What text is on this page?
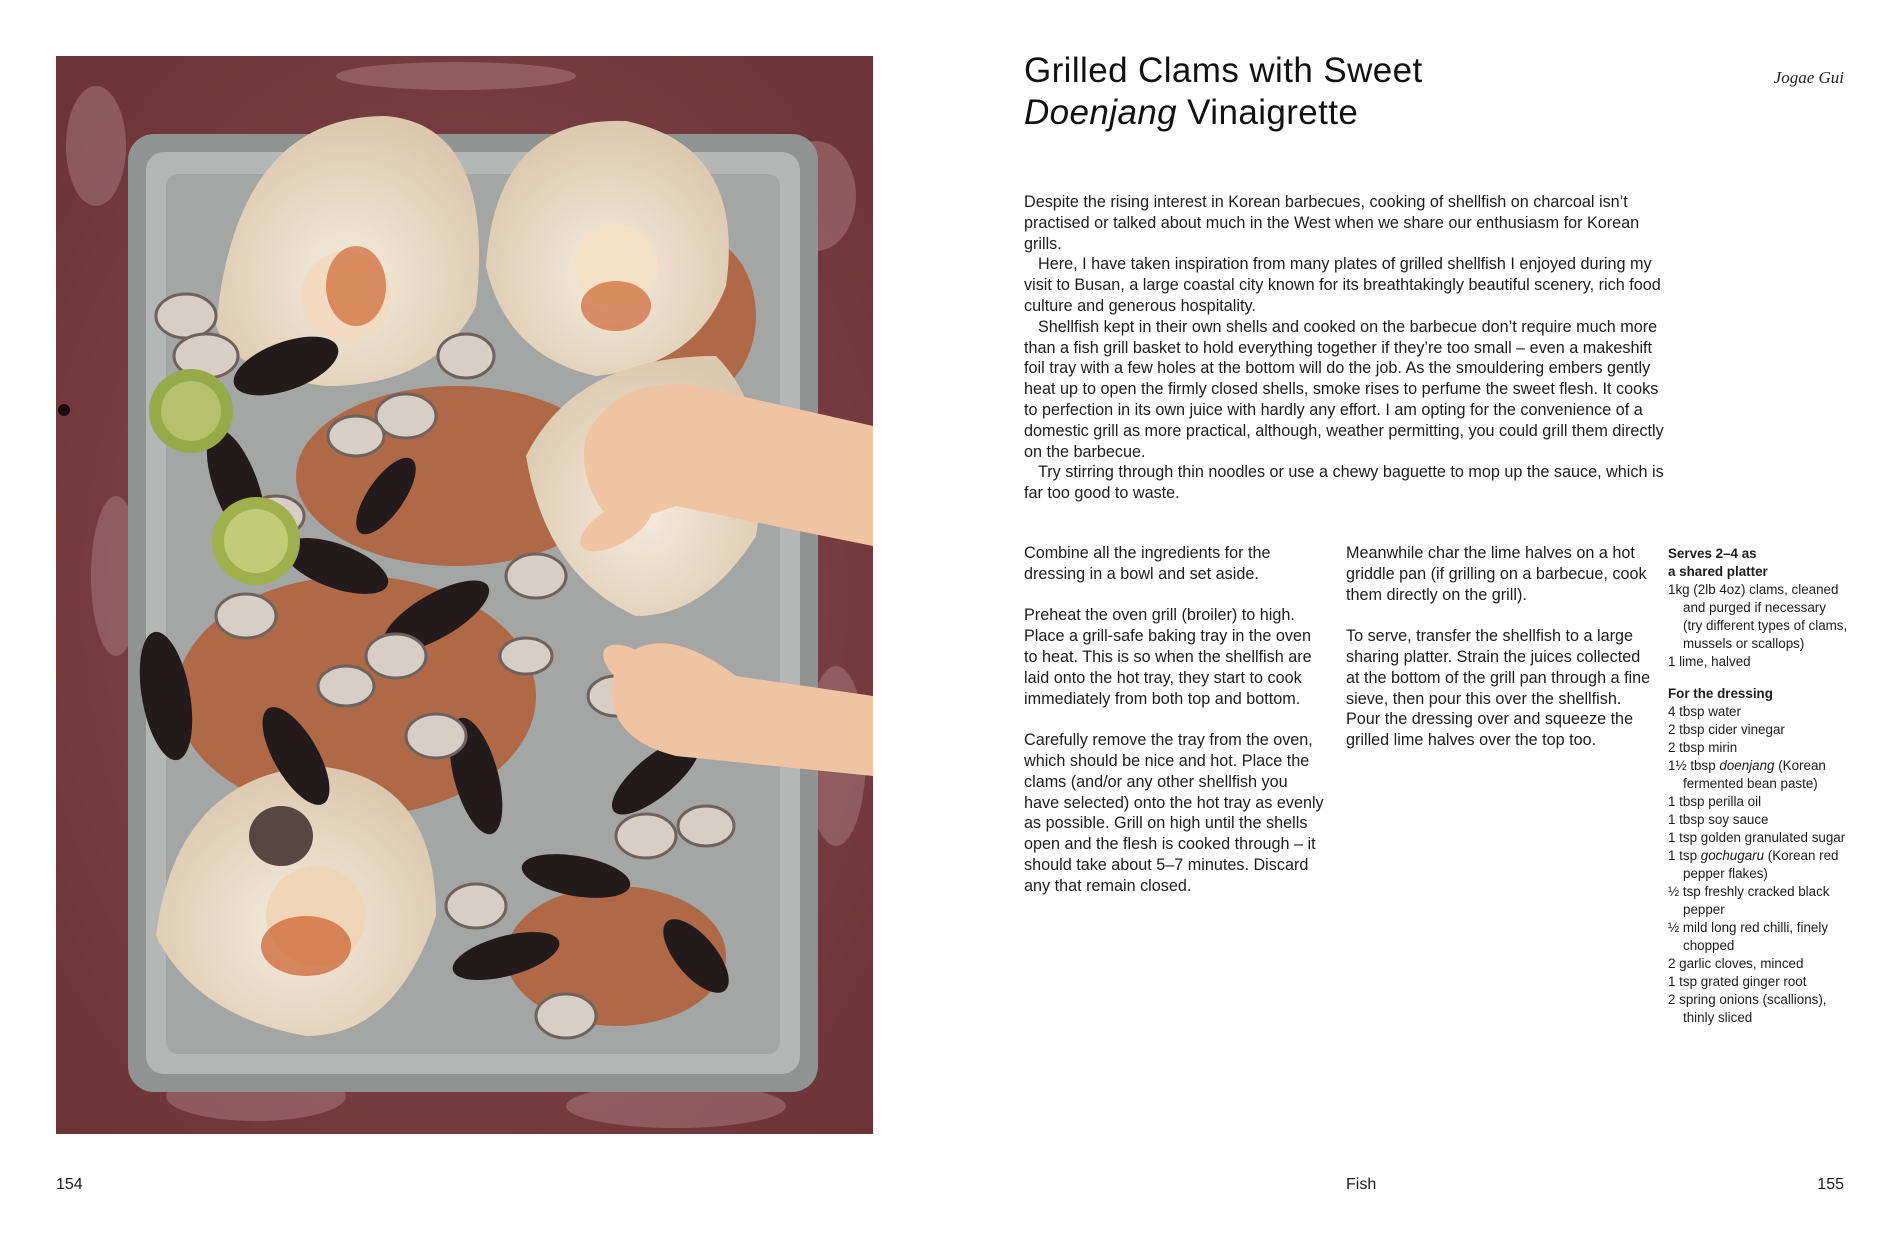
Grilled Clams with Sweet
Doenjang Vinaigrette
Jogae Gui

Despite the rising interest in Korean barbecues, cooking of shellfish on charcoal isn’t practised or talked about much in the West when we share our enthusiasm for Korean grills.

Here, I have taken inspiration from many plates of grilled shellfish I enjoyed during my visit to Busan, a large coastal city known for its breathtakingly beautiful scenery, rich food culture and generous hospitality.

Shellfish kept in their own shells and cooked on the barbecue don’t require much more than a fish grill basket to hold everything together if they’re too small – even a makeshift foil tray with a few holes at the bottom will do the job. As the smouldering embers gently heat up to open the firmly closed shells, smoke rises to perfume the sweet flesh. It cooks to perfection in its own juice with hardly any effort. I am opting for the convenience of a domestic grill as more practical, although, weather permitting, you could grill them directly on the barbecue.

Try stirring through thin noodles or use a chewy baguette to mop up the sauce, which is far too good to waste.

Combine all the ingredients for the dressing in a bowl and set aside.

Preheat the oven grill (broiler) to high. Place a grill-safe baking tray in the oven to heat. This is so when the shellfish are laid onto the hot tray, they start to cook immediately from both top and bottom.

Carefully remove the tray from the oven, which should be nice and hot. Place the clams (and/or any other shellfish you have selected) onto the hot tray as evenly as possible. Grill on high until the shells open and the flesh is cooked through – it should take about 5–7 minutes. Discard any that remain closed.

Meanwhile char the lime halves on a hot griddle pan (if grilling on a barbecue, cook them directly on the grill).

To serve, transfer the shellfish to a large sharing platter. Strain the juices collected at the bottom of the grill pan through a fine sieve, then pour this over the shellfish. Pour the dressing over and squeeze the grilled lime halves over the top too.

Serves 2–4 as
a shared platter
1kg (2lb 4oz) clams, cleaned and purged if necessary (try different types of clams, mussels or scallops)
1 lime, halved
For the dressing
4 tbsp water
2 tbsp cider vinegar
2 tbsp mirin
1½ tbsp doenjang (Korean fermented bean paste)
1 tbsp perilla oil
1 tbsp soy sauce
1 tsp golden granulated sugar
1 tsp gochugaru (Korean red pepper flakes)
½ tsp freshly cracked black pepper
½ mild long red chilli, finely chopped
2 garlic cloves, minced
1 tsp grated ginger root
2 spring onions (scallions), thinly sliced
154	Fish	155
